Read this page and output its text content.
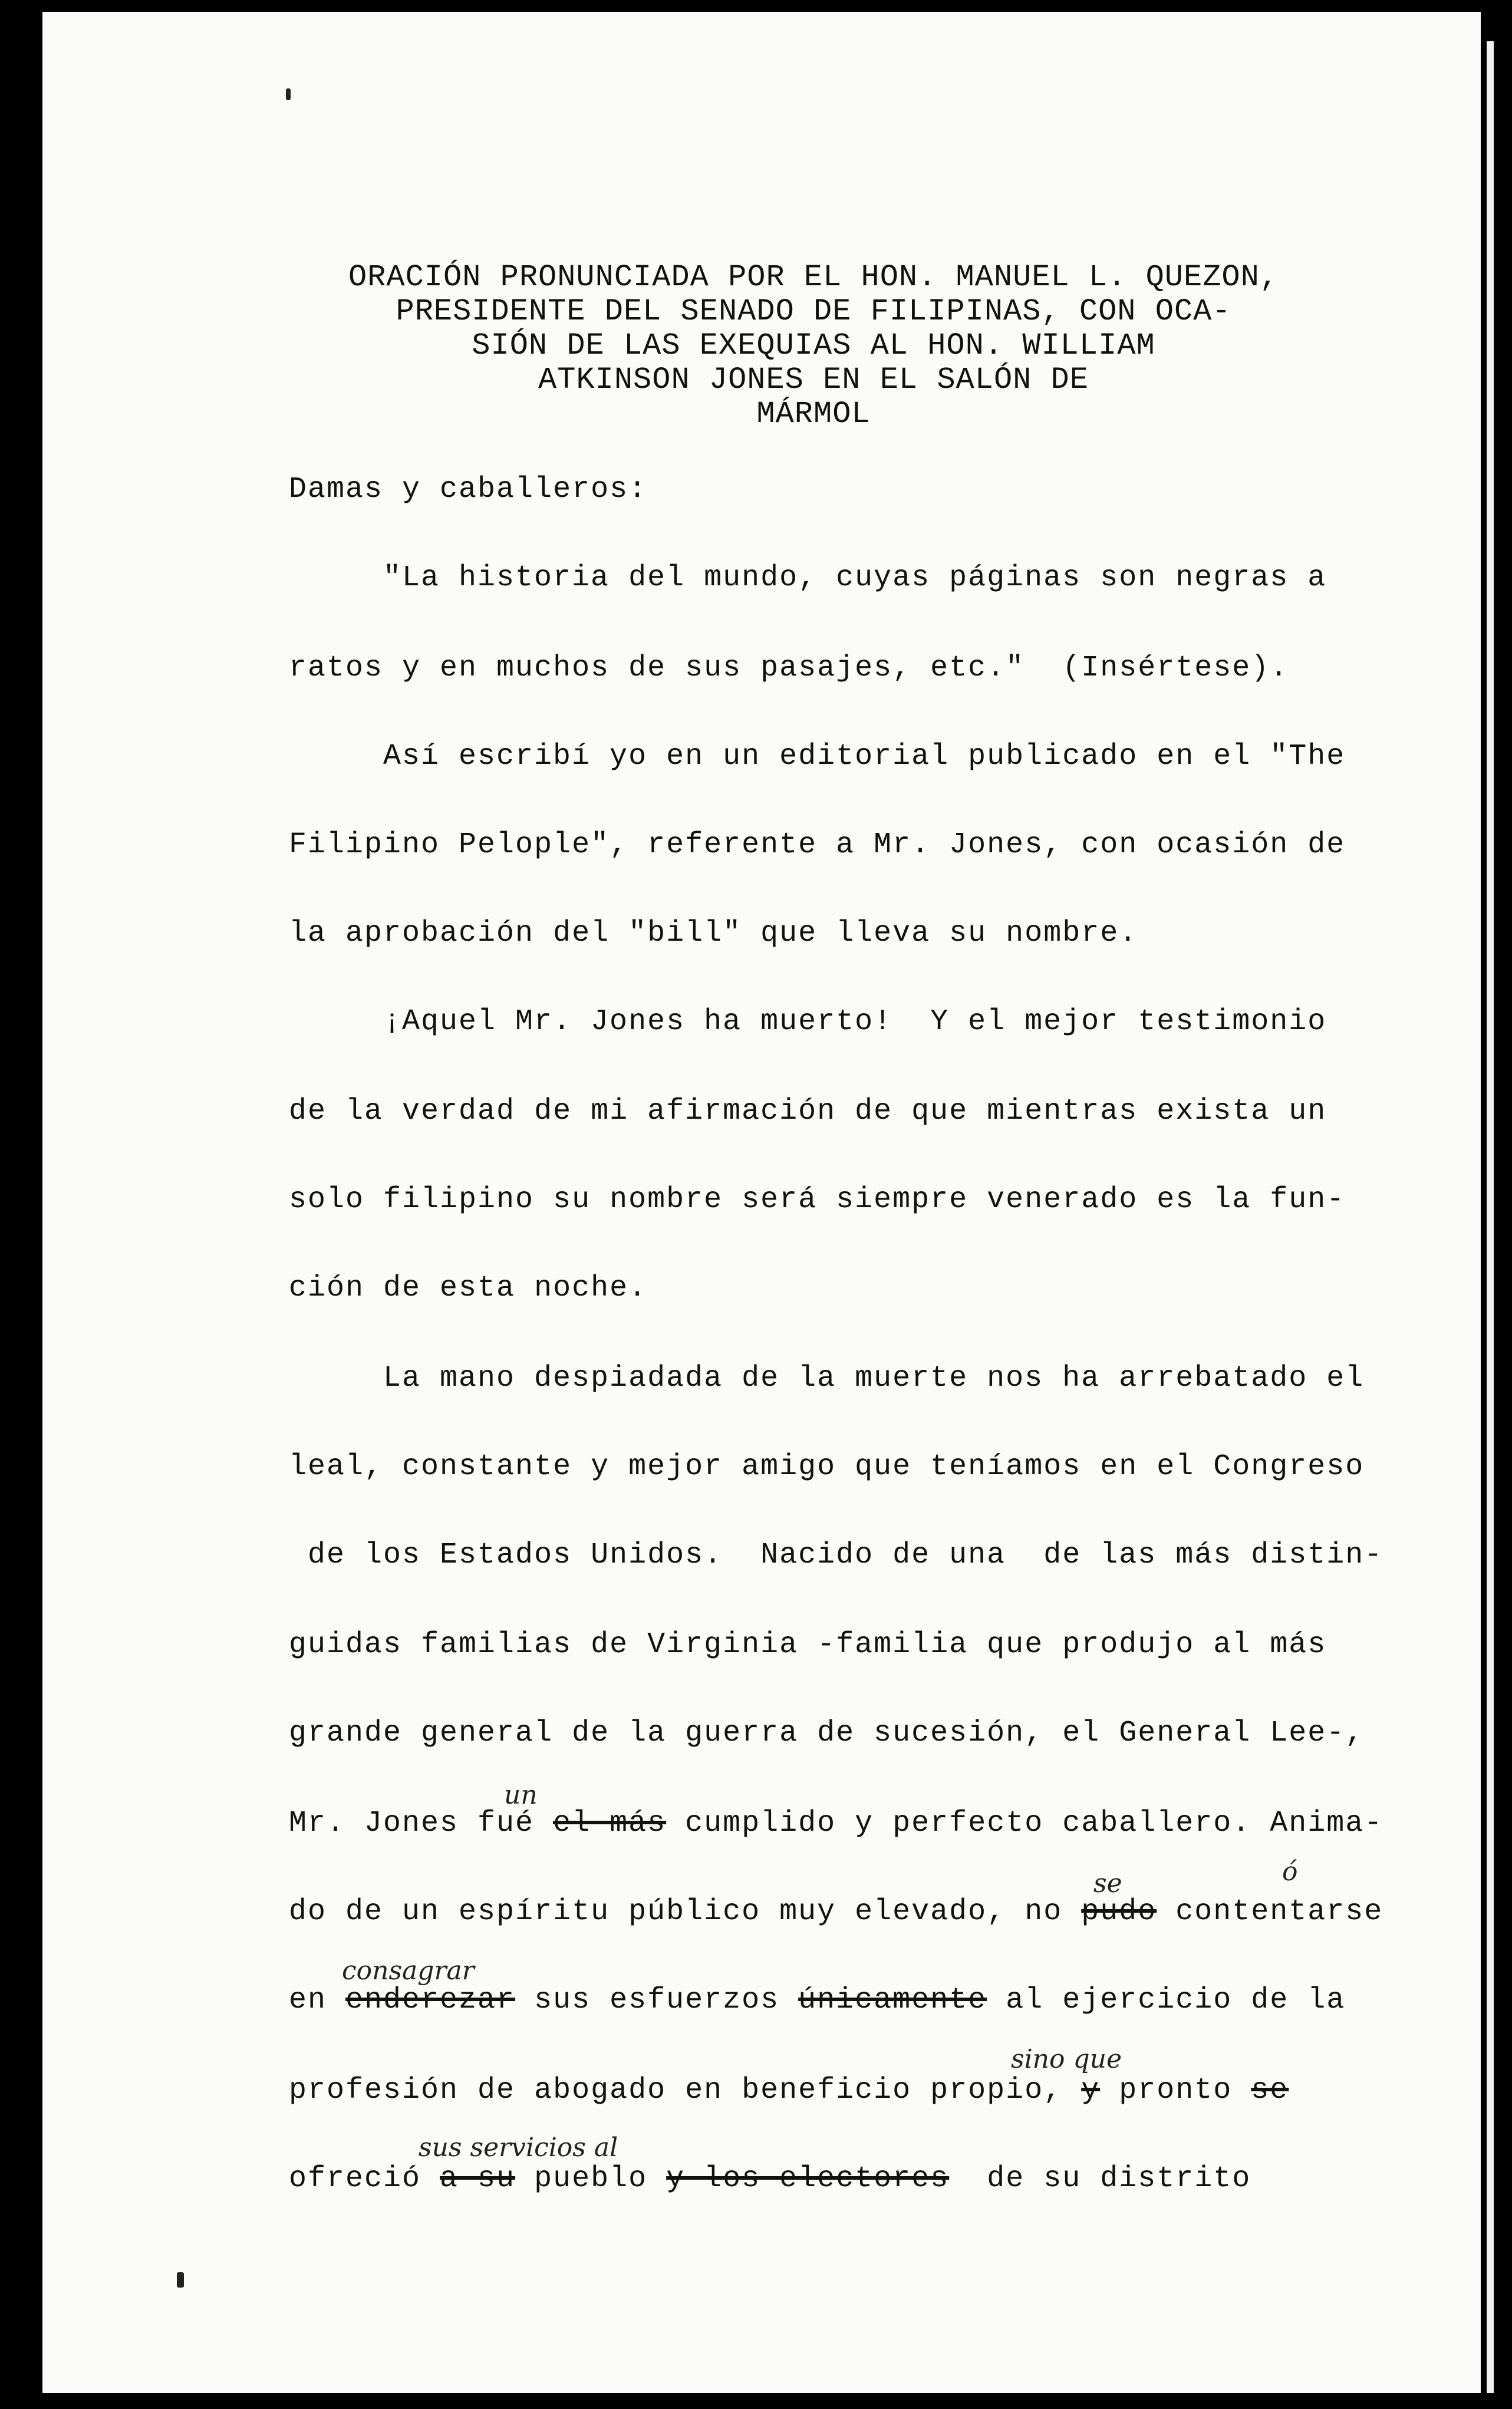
ORACIÓN PRONUNCIADA POR EL HON. MANUEL L. QUEZON,
PRESIDENTE DEL SENADO DE FILIPINAS, CON OCA-
SIÓN DE LAS EXEQUIAS AL HON. WILLIAM
ATKINSON JONES EN EL SALÓN DE
MÁRMOL
Damas y caballeros:
"La historia del mundo, cuyas páginas son negras a
ratos y en muchos de sus pasajes, etc."  (Insértese).
Así escribí yo en un editorial publicado en el "The
Filipino Pelople", referente a Mr. Jones, con ocasión de
la aprobación del "bill" que lleva su nombre.
¡Aquel Mr. Jones ha muerto!  Y el mejor testimonio
de la verdad de mi afirmación de que mientras exista un
solo filipino su nombre será siempre venerado es la fun-
ción de esta noche.
La mano despiadada de la muerte nos ha arrebatado el
leal, constante y mejor amigo que teníamos en el Congreso
de los Estados Unidos.  Nacido de una  de las más distin-
guidas familias de Virginia -familia que produjo al más
grande general de la guerra de sucesión, el General Lee-,
Mr. Jones fué el más cumplido y perfecto caballero. Anima-
do de un espíritu público muy elevado, no pudo contentarse
en enderezar sus esfuerzos únicamente al ejercicio de la
profesión de abogado en beneficio propio, y pronto se
ofreció a su pueblo y los electores  de su distrito
un
se	ó
consagrar
sino que
sus servicios al
